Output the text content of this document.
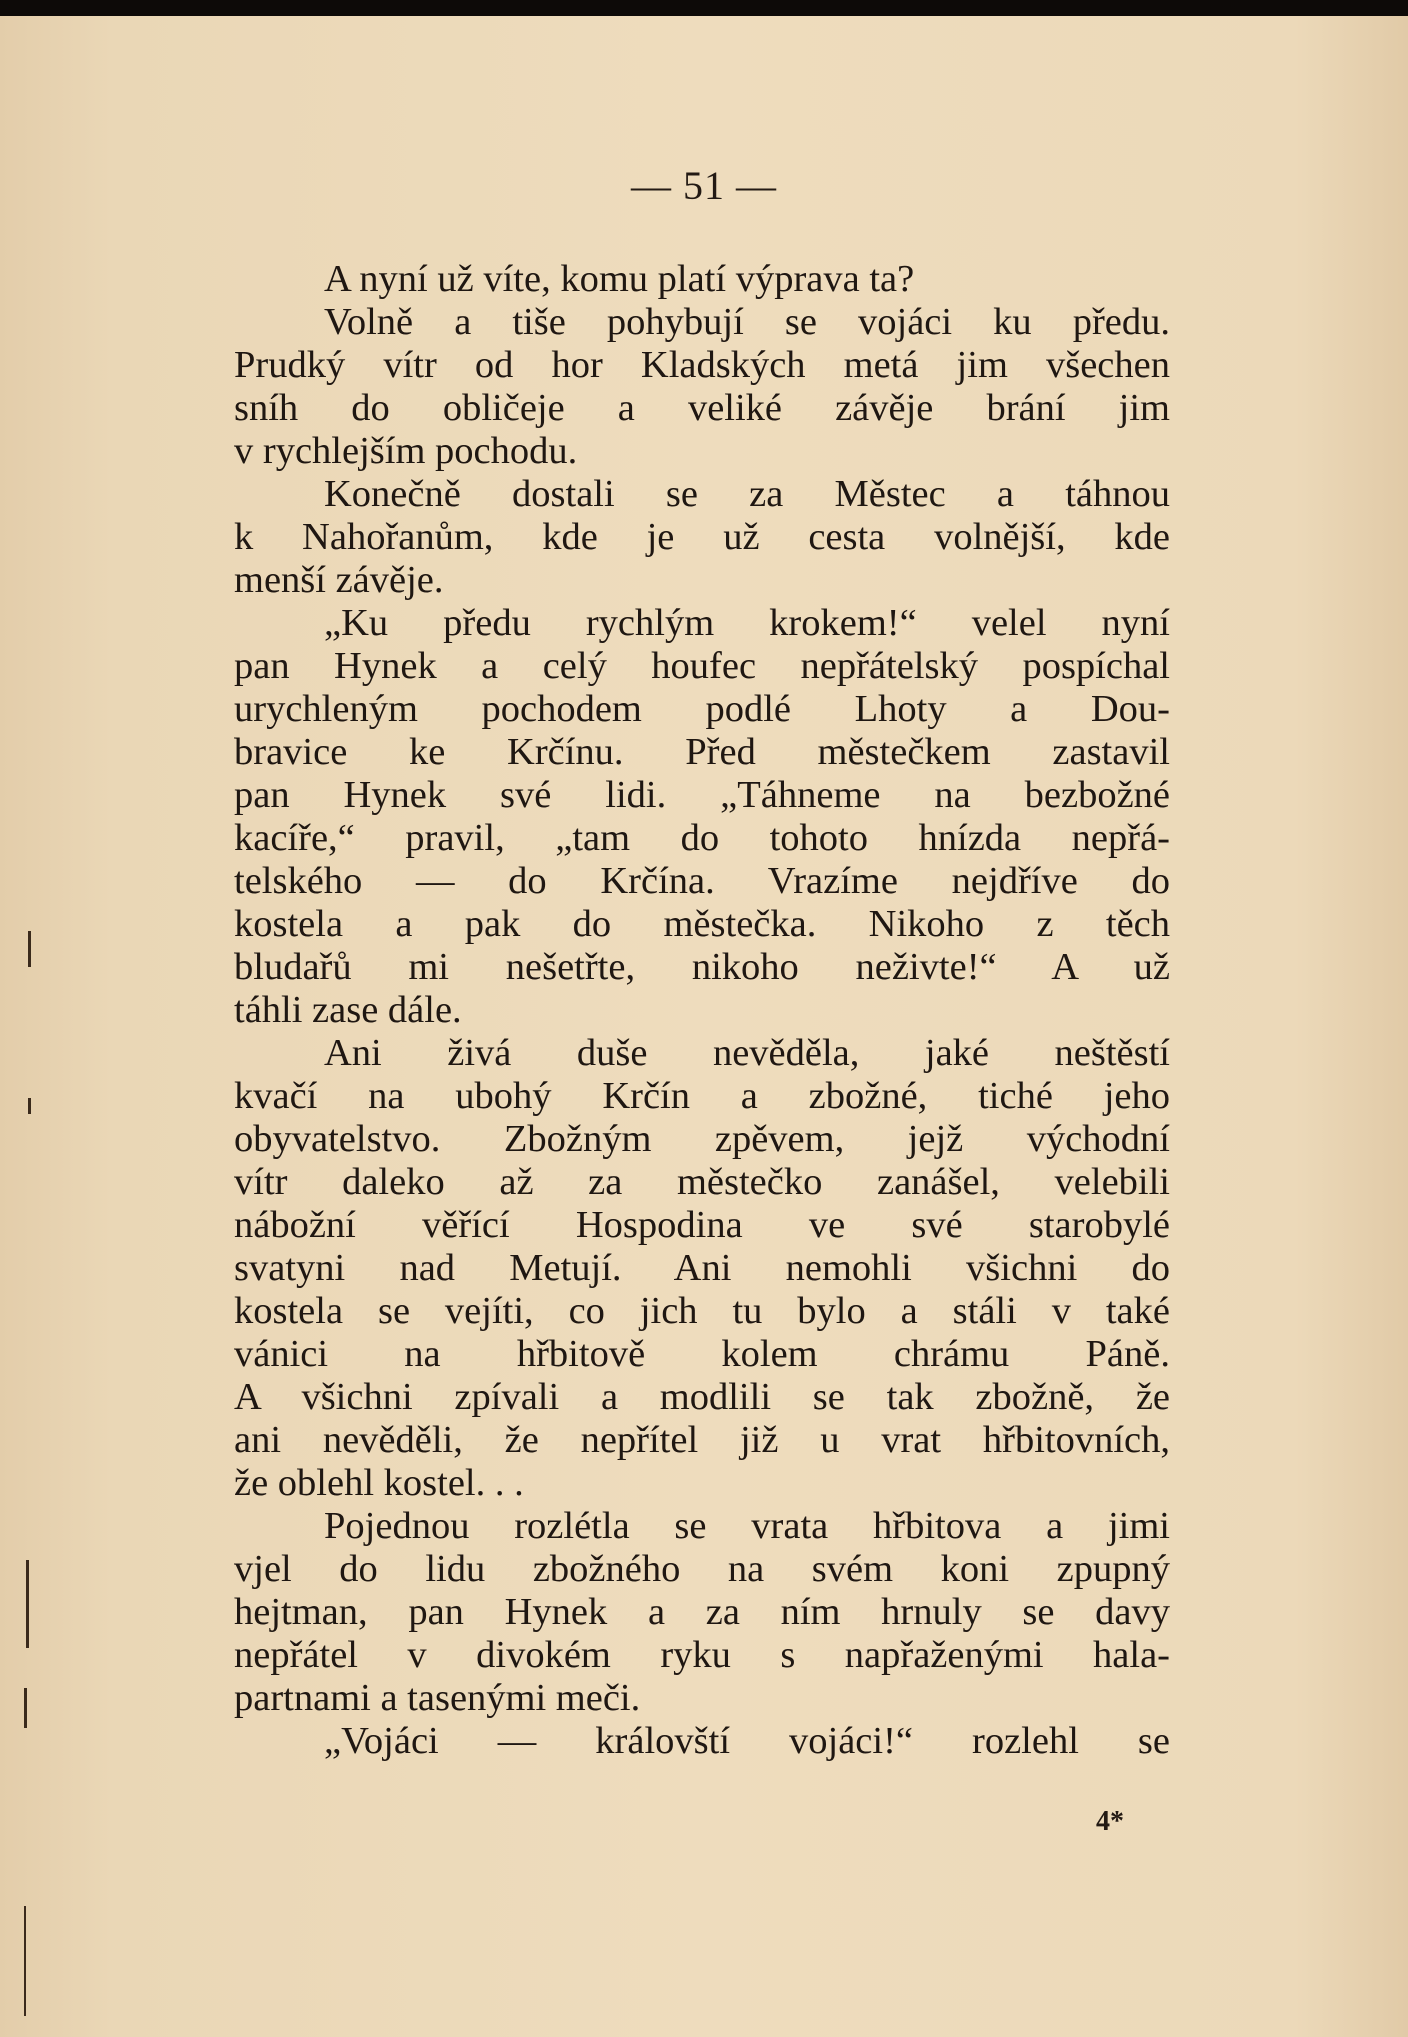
— 51 —
A nyní už víte, komu platí výprava ta?
Volně a tiše pohybují se vojáci ku předu.
Prudký vítr od hor Kladských metá jim všechen
sníh do obličeje a veliké závěje brání jim
v rychlejším pochodu.
Konečně dostali se za Městec a táhnou
k Nahořanům, kde je už cesta volnější, kde
menší závěje.
„Ku předu rychlým krokem!“ velel nyní
pan Hynek a celý houfec nepřátelský pospíchal
urychleným pochodem podlé Lhoty a Dou-
bravice ke Krčínu. Před městečkem zastavil
pan Hynek své lidi. „Táhneme na bezbožné
kacíře,“ pravil, „tam do tohoto hnízda nepřá-
telského — do Krčína. Vrazíme nejdříve do
kostela a pak do městečka. Nikoho z těch
bludařů mi nešetřte, nikoho neživte!“ A už
táhli zase dále.
Ani živá duše nevěděla, jaké neštěstí
kvačí na ubohý Krčín a zbožné, tiché jeho
obyvatelstvo. Zbožným zpěvem, jejž východní
vítr daleko až za městečko zanášel, velebili
nábožní věřící Hospodina ve své starobylé
svatyni nad Metují. Ani nemohli všichni do
kostela se vejíti, co jich tu bylo a stáli v také
vánici na hřbitově kolem chrámu Páně.
A všichni zpívali a modlili se tak zbožně, že
ani nevěděli, že nepřítel již u vrat hřbitovních,
že oblehl kostel. . .
Pojednou rozlétla se vrata hřbitova a jimi
vjel do lidu zbožného na svém koni zpupný
hejtman, pan Hynek a za ním hrnuly se davy
nepřátel v divokém ryku s napřaženými hala-
partnami a tasenými meči.
„Vojáci — královští vojáci!“ rozlehl se
4*
